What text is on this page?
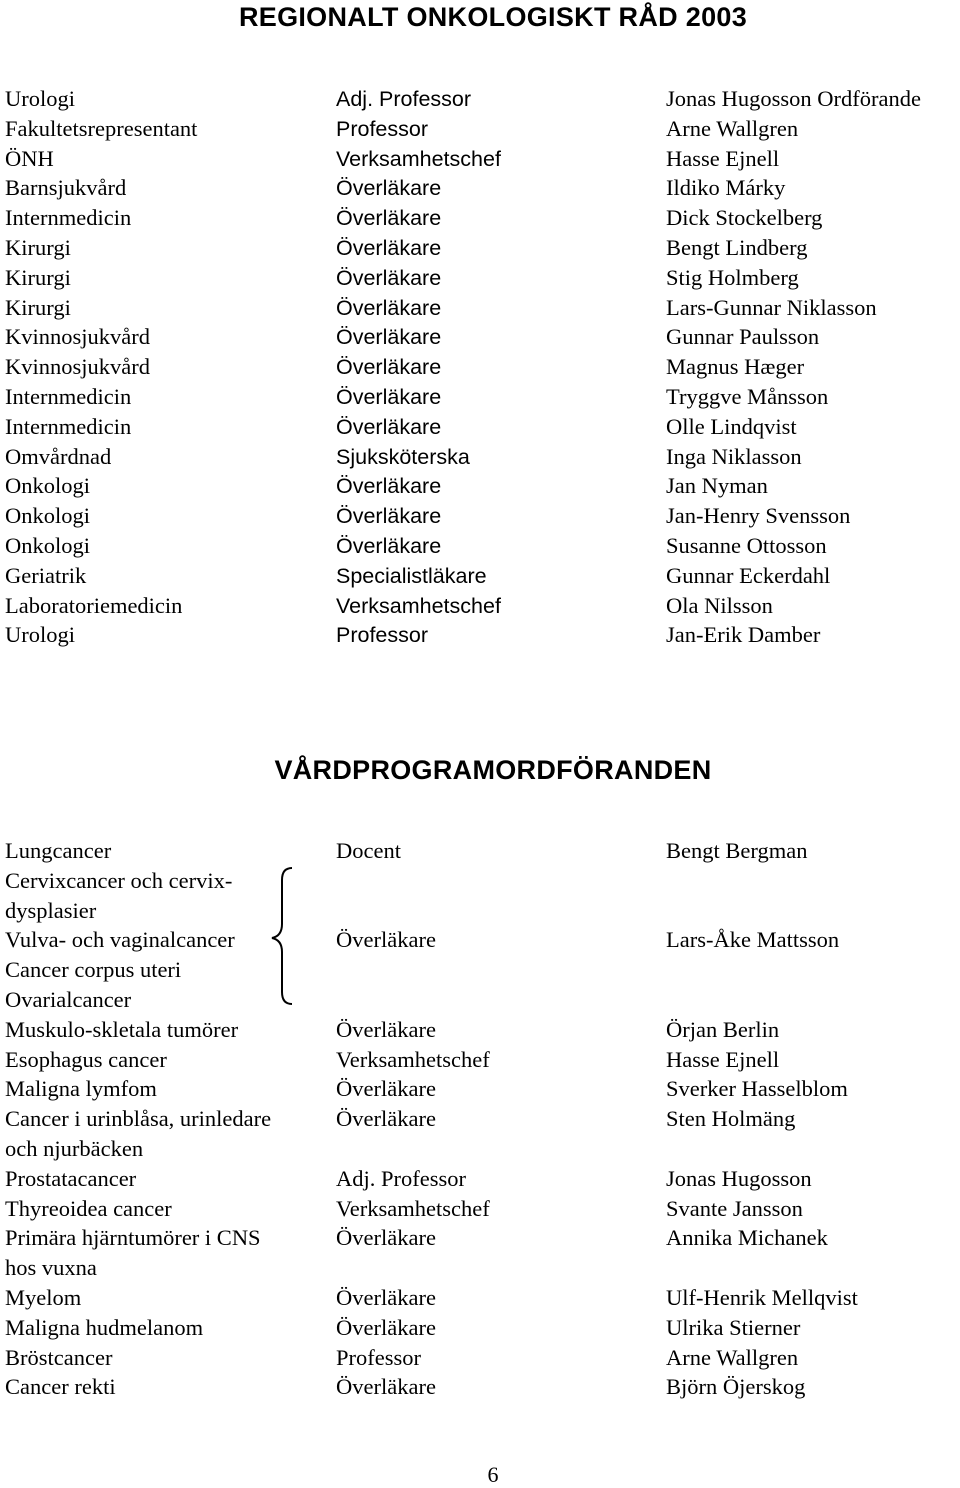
REGIONALT ONKOLOGISKT RÅD 2003
Urologi	Adj. Professor	Jonas Hugosson Ordförande
Fakultetsrepresentant	Professor	Arne Wallgren
ÖNH	Verksamhetschef	Hasse Ejnell
Barnsjukvård	Överläkare	Ildiko Márky
Internmedicin	Överläkare	Dick Stockelberg
Kirurgi	Överläkare	Bengt Lindberg
Kirurgi	Överläkare	Stig Holmberg
Kirurgi	Överläkare	Lars-Gunnar Niklasson
Kvinnosjukvård	Överläkare	Gunnar Paulsson
Kvinnosjukvård	Överläkare	Magnus Hæger
Internmedicin	Överläkare	Tryggve Månsson
Internmedicin	Överläkare	Olle Lindqvist
Omvårdnad	Sjuksköterska	Inga Niklasson
Onkologi	Överläkare	Jan Nyman
Onkologi	Överläkare	Jan-Henry Svensson
Onkologi	Överläkare	Susanne Ottosson
Geriatrik	Specialistläkare	Gunnar Eckerdahl
Laboratoriemedicin	Verksamhetschef	Ola Nilsson
Urologi	Professor	Jan-Erik Damber
VÅRDPROGRAMORDFÖRANDEN
Lungcancer	Docent	Bengt Bergman
Cervixcancer och cervix-
dysplasier
Vulva- och vaginalcancer	Överläkare	Lars-Åke Mattsson
Cancer corpus uteri
Ovarialcancer
Muskulo-skletala tumörer	Överläkare	Örjan Berlin
Esophagus cancer	Verksamhetschef	Hasse Ejnell
Maligna lymfom	Överläkare	Sverker Hasselblom
Cancer i urinblåsa, urinledare	Överläkare	Sten Holmäng
och njurbäcken
Prostatacancer	Adj. Professor	Jonas Hugosson
Thyreoidea cancer	Verksamhetschef	Svante Jansson
Primära hjärntumörer i CNS	Överläkare	Annika Michanek
hos vuxna
Myelom	Överläkare	Ulf-Henrik Mellqvist
Maligna hudmelanom	Överläkare	Ulrika Stierner
Bröstcancer	Professor	Arne Wallgren
Cancer rekti	Överläkare	Björn Öjerskog
6
